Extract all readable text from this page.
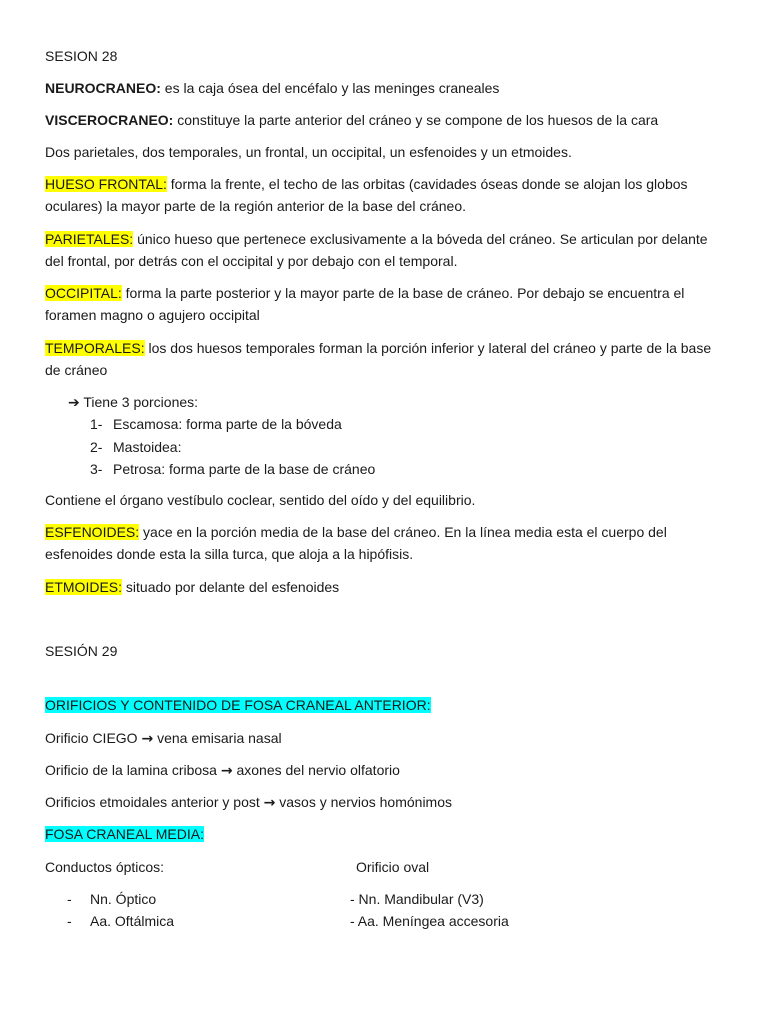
SESION 28

NEUROCRANEO: es la caja ósea del encéfalo y las meninges craneales

VISCEROCRANEO: constituye la parte anterior del cráneo y se compone de los huesos de la cara

Dos parietales, dos temporales, un frontal, un occipital, un esfenoides y un etmoides.

HUESO FRONTAL: forma la frente, el techo de las orbitas (cavidades óseas donde se alojan los globos oculares) la mayor parte de la región anterior de la base del cráneo.

PARIETALES: único hueso que pertenece exclusivamente a la bóveda del cráneo. Se articulan por delante del frontal, por detrás con el occipital y por debajo con el temporal.

OCCIPITAL: forma la parte posterior y la mayor parte de la base de cráneo. Por debajo se encuentra el foramen magno o agujero occipital

TEMPORALES: los dos huesos temporales forman la porción inferior y lateral del cráneo y parte de la base de cráneo

➔ Tiene 3 porciones:

1- Escamosa: forma parte de la bóveda

2- Mastoidea:

3- Petrosa: forma parte de la base de cráneo

Contiene el órgano vestíbulo coclear, sentido del oído y del equilibrio.

ESFENOIDES: yace en la porción media de la base del cráneo. En la línea media esta el cuerpo del esfenoides donde esta la silla turca, que aloja a la hipófisis.

ETMOIDES: situado por delante del esfenoides

SESIÓN 29

ORIFICIOS Y CONTENIDO DE FOSA CRANEAL ANTERIOR:

Orificio CIEGO → vena emisaria nasal

Orificio de la lamina cribosa → axones del nervio olfatorio

Orificios etmoidales anterior y post → vasos y nervios homónimos

FOSA CRANEAL MEDIA:

Conductos ópticos:	Orificio oval
- Nn. Óptico
- Aa. Oftálmica
- Nn. Mandibular (V3)
- Aa. Meníngea accesoria
